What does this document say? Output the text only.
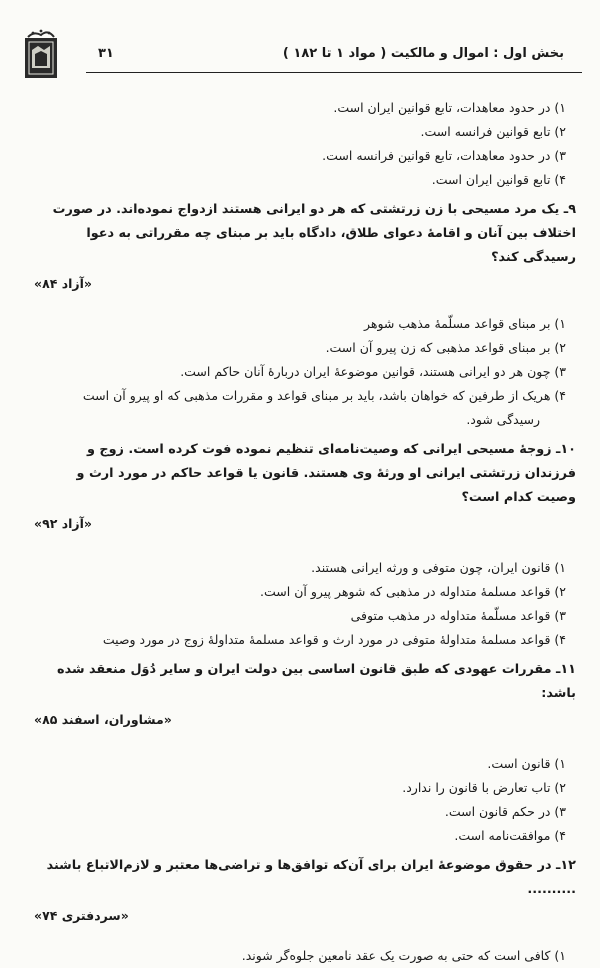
بخش اول : اموال و مالکیت ( مواد ۱ تا ۱۸۲ )
۳۱
۱) در حدود معاهدات، تابع قوانین ایران است.
۲) تابع قوانین فرانسه است.
۳) در حدود معاهدات، تابع قوانین فرانسه است.
۴) تابع قوانین ایران است.
۹ـ یک مرد مسیحی با زن زرتشتی که هر دو ایرانی هستند ازدواج نموده‌اند. در صورت اختلاف بین آنان و اقامهٔ دعوای طلاق، دادگاه باید بر مبنای چه مقرراتی به دعوا رسیدگی کند؟
«آزاد ۸۴»
۱) بر مبنای قواعد مسلّمهٔ مذهب شوهر
۲) بر مبنای قواعد مذهبی که زن پیرو آن است.
۳) چون هر دو ایرانی هستند، قوانین موضوعهٔ ایران دربارهٔ آنان حاکم است.
۴) هریک از طرفین که خواهان باشد، باید بر مبنای قواعد و مقررات مذهبی که او پیرو آن است
رسیدگی شود.
۱۰ـ زوجهٔ مسیحی ایرانی که وصیت‌نامه‌ای تنظیم نموده فوت کرده است. زوج و فرزندان زرتشتی ایرانی او ورثهٔ وی هستند. قانون یا قواعد حاکم در مورد ارث و وصیت کدام است؟
«آزاد ۹۲»
۱) قانون ایران، چون متوفی و ورثه ایرانی هستند.
۲) قواعد مسلمهٔ متداوله در مذهبی که شوهر پیرو آن است.
۳) قواعد مسلّمهٔ متداوله در مذهب متوفی
۴) قواعد مسلمهٔ متداولهٔ متوفی در مورد ارث و قواعد مسلمهٔ متداولهٔ زوج در مورد وصیت
۱۱ـ مقررات عهودی که طبق قانون اساسی بین دولت ایران و سایر دُوَل منعقد شده باشد:
«مشاوران، اسفند ۸۵»
۱) قانون است.
۲) تاب تعارض با قانون را ندارد.
۳) در حکم قانون است.
۴) موافقت‌نامه است.
۱۲ـ در حقوق موضوعهٔ ایران برای آن‌که توافق‌ها و تراضی‌ها معتبر و لازم‌الاتباع باشند ..........
«سردفتری ۷۴»
۱) کافی است که حتی به صورت یک عقد نامعین جلوه‌گر شوند.
